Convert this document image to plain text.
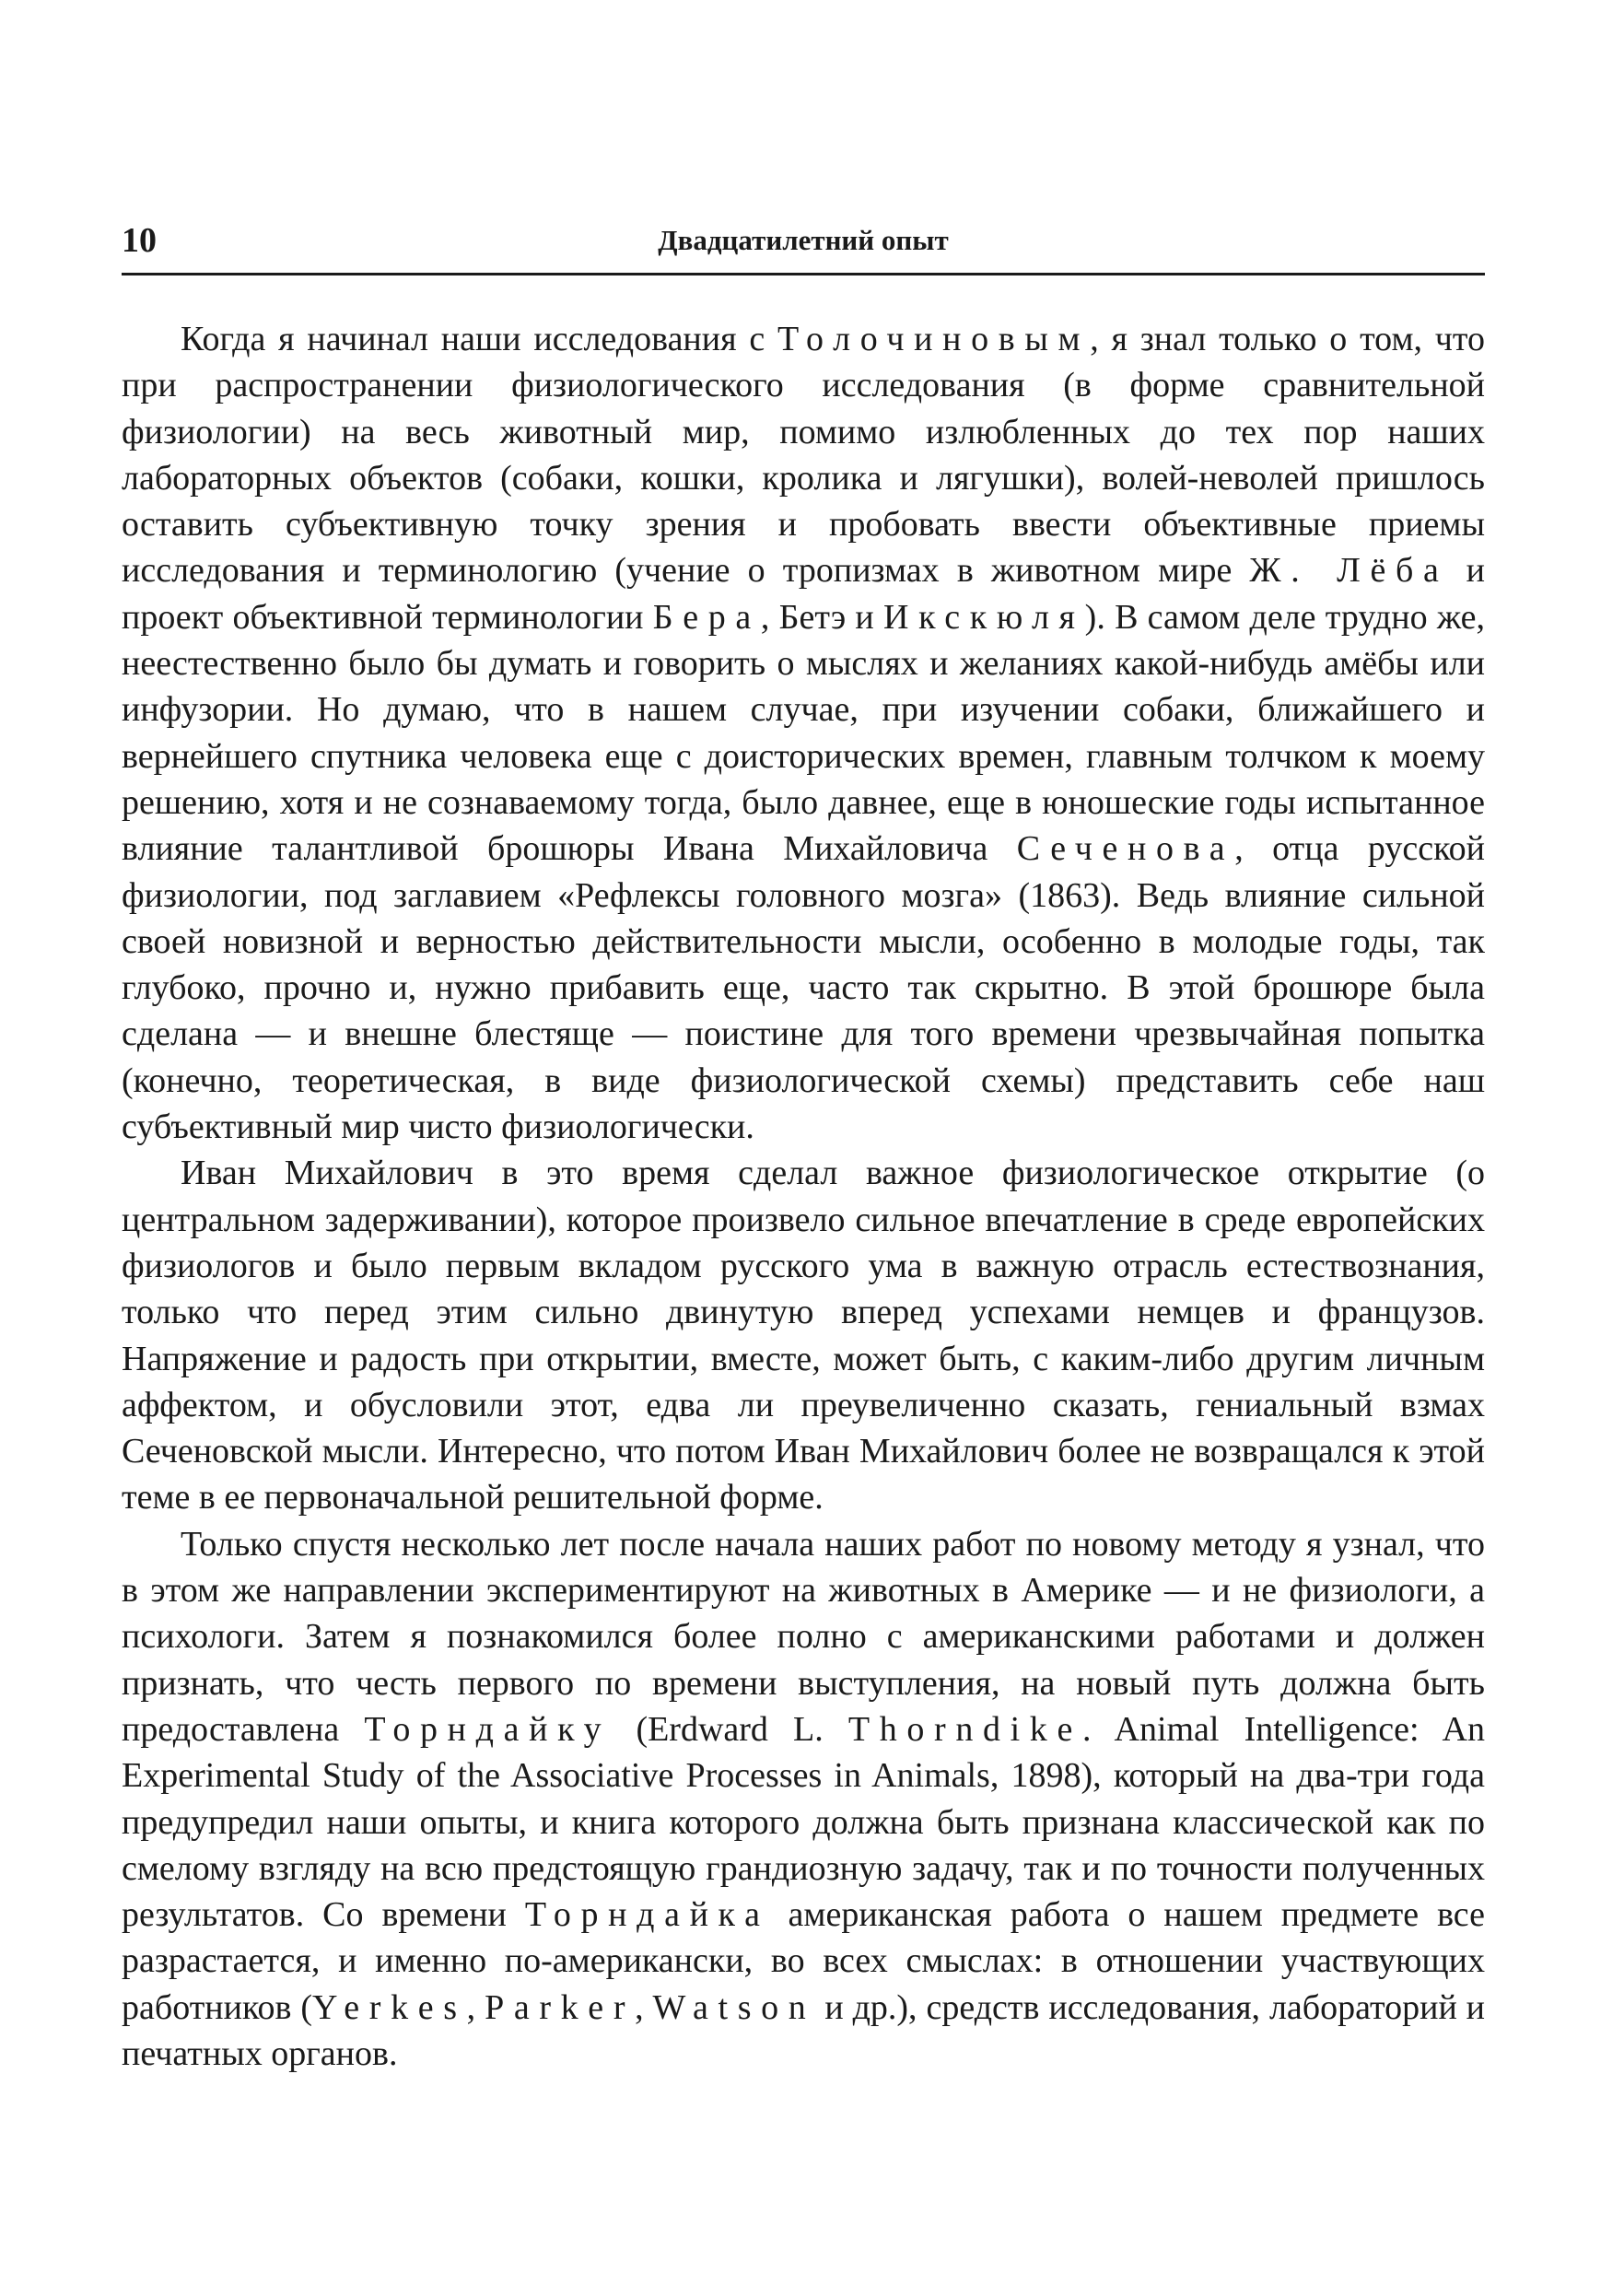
10	Двадцатилетний опыт

Когда я начинал наши исследования с Толочиновым, я знал только о том, что при распространении физиологического исследования (в форме сравнительной физиологии) на весь животный мир, помимо излюбленных до тех пор наших лабораторных объектов (собаки, кошки, кролика и лягушки), волей-неволей пришлось оставить субъективную точку зрения и пробовать ввести объективные приемы исследования и терминологию (учение о тропизмах в животном мире Ж. Лёба и проект объективной терминологии Бера, Бетэ и Икскюля). В самом деле трудно же, неестественно было бы думать и говорить о мыслях и желаниях какой-нибудь амёбы или инфузории. Но думаю, что в нашем случае, при изучении собаки, ближайшего и вернейшего спутника человека еще с доисторических времен, главным толчком к моему решению, хотя и не сознаваемому тогда, было давнее, еще в юношеские годы испытанное влияние талантливой брошюры Ивана Михайловича Сеченова, отца русской физиологии, под заглавием «Рефлексы головного мозга» (1863). Ведь влияние сильной своей новизной и верностью действительности мысли, особенно в молодые годы, так глубоко, прочно и, нужно прибавить еще, часто так скрытно. В этой брошюре была сделана — и внешне блестяще — поистине для того времени чрезвычайная попытка (конечно, теоретическая, в виде физиологической схемы) представить себе наш субъективный мир чисто физиологически.

Иван Михайлович в это время сделал важное физиологическое открытие (о центральном задерживании), которое произвело сильное впечатление в среде европейских физиологов и было первым вкладом русского ума в важную отрасль естествознания, только что перед этим сильно двинутую вперед успехами немцев и французов. Напряжение и радость при открытии, вместе, может быть, с каким-либо другим личным аффектом, и обусловили этот, едва ли преувеличенно сказать, гениальный взмах Сеченовской мысли. Интересно, что потом Иван Михайлович более не возвращался к этой теме в ее первоначальной решительной форме.

Только спустя несколько лет после начала наших работ по новому методу я узнал, что в этом же направлении экспериментируют на животных в Америке — и не физиологи, а психологи. Затем я познакомился более полно с американскими работами и должен признать, что честь первого по времени выступления, на новый путь должна быть предоставлена Торндайку (Erdward L. Thorndike. Animal Intelligence: An Experimental Study of the Associative Processes in Animals, 1898), который на два-три года предупредил наши опыты, и книга которого должна быть признана классической как по смелому взгляду на всю предстоящую грандиозную задачу, так и по точности полученных результатов. Со времени Торндайка американская работа о нашем предмете все разрастается, и именно по-американски, во всех смыслах: в отношении участвующих работников (Yerkes, Parker, Watson и др.), средств исследования, лабораторий и печатных органов.
